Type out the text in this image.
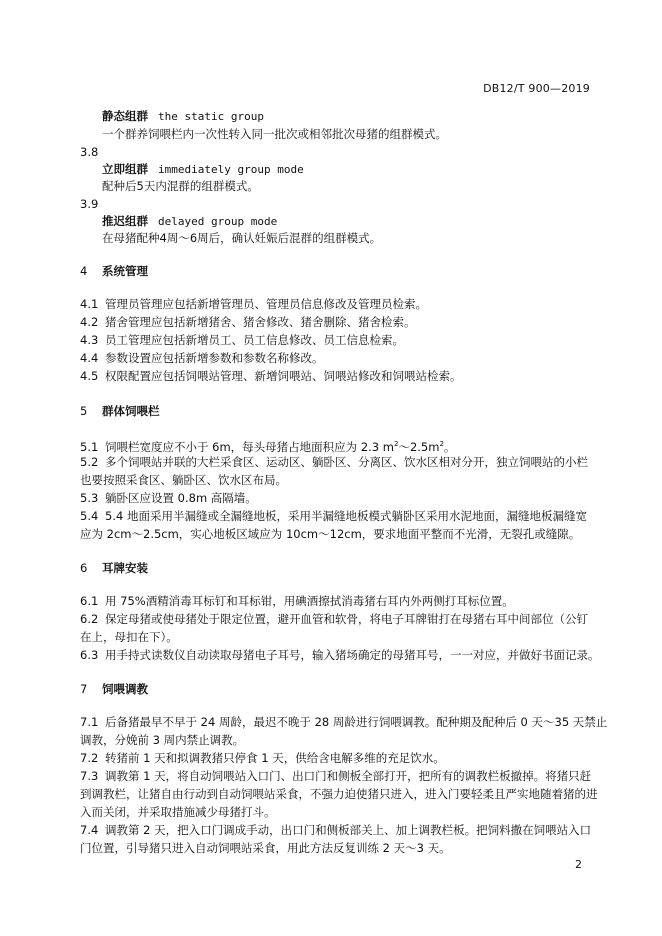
DB12/T 900—2019
静态组群 the static group
一个群养饲喂栏内一次性转入同一批次或相邻批次母猪的组群模式。
3.8
立即组群 immediately group mode
配种后5天内混群的组群模式。
3.9
推迟组群 delayed group mode
在母猪配种4周～6周后，确认妊娠后混群的组群模式。
4 系统管理
4.1 管理员管理应包括新增管理员、管理员信息修改及管理员检索。
4.2 猪舍管理应包括新增猪舍、猪舍修改、猪舍删除、猪舍检索。
4.3 员工管理应包括新增员工、员工信息修改、员工信息检索。
4.4 参数设置应包括新增参数和参数名称修改。
4.5 权限配置应包括饲喂站管理、新增饲喂站、饲喂站修改和饲喂站检索。
5 群体饲喂栏
5.1 饲喂栏宽度应不小于 6m，每头母猪占地面积应为 2.3 $m^2\sim 2.5m^2$。
5.2 多个饲喂站并联的大栏采食区、运动区、躺卧区、分离区、饮水区相对分开，独立饲喂站的小栏
也要按照采食区、躺卧区、饮水区布局。
5.3 躺卧区应设置 0.8m 高隔墙。
5.4 5.4 地面采用半漏缝或全漏缝地板，采用半漏缝地板模式躺卧区采用水泥地面，漏缝地板漏缝宽
应为 2cm～2.5cm，实心地板区域应为 10cm～12cm，要求地面平整而不光滑，无裂孔或缝隙。
6 耳牌安装
6.1 用 75%酒精消毒耳标钉和耳标钳，用碘酒擦拭消毒猪右耳内外两侧打耳标位置。
6.2 保定母猪或使母猪处于限定位置，避开血管和软骨，将电子耳牌钳打在母猪右耳中间部位（公钉
在上，母扣在下）。
6.3 用手持式读数仪自动读取母猪电子耳号，输入猪场确定的母猪耳号，一一对应，并做好书面记录。
7 饲喂调教
7.1 后备猪最早不早于 24 周龄，最迟不晚于 28 周龄进行饲喂调教。配种期及配种后 0 天～35 天禁止
调教，分娩前 3 周内禁止调教。
7.2 转猪前 1 天和拟调教猪只停食 1 天，供给含电解多维的充足饮水。
7.3 调教第 1 天，将自动饲喂站入口门、出口门和侧板全部打开，把所有的调教栏板撤掉。将猪只赶
到调教栏，让猪自由行动到自动饲喂站采食，不强力迫使猪只进入，进入门要轻柔且严实地随着猪的进
入而关闭，并采取措施减少母猪打斗。
7.4 调教第 2 天，把入口门调成手动，出口门和侧板部关上、加上调教栏板。把饲料撒在饲喂站入口
门位置，引导猪只进入自动饲喂站采食，用此方法反复训练 2 天～3 天。
2
